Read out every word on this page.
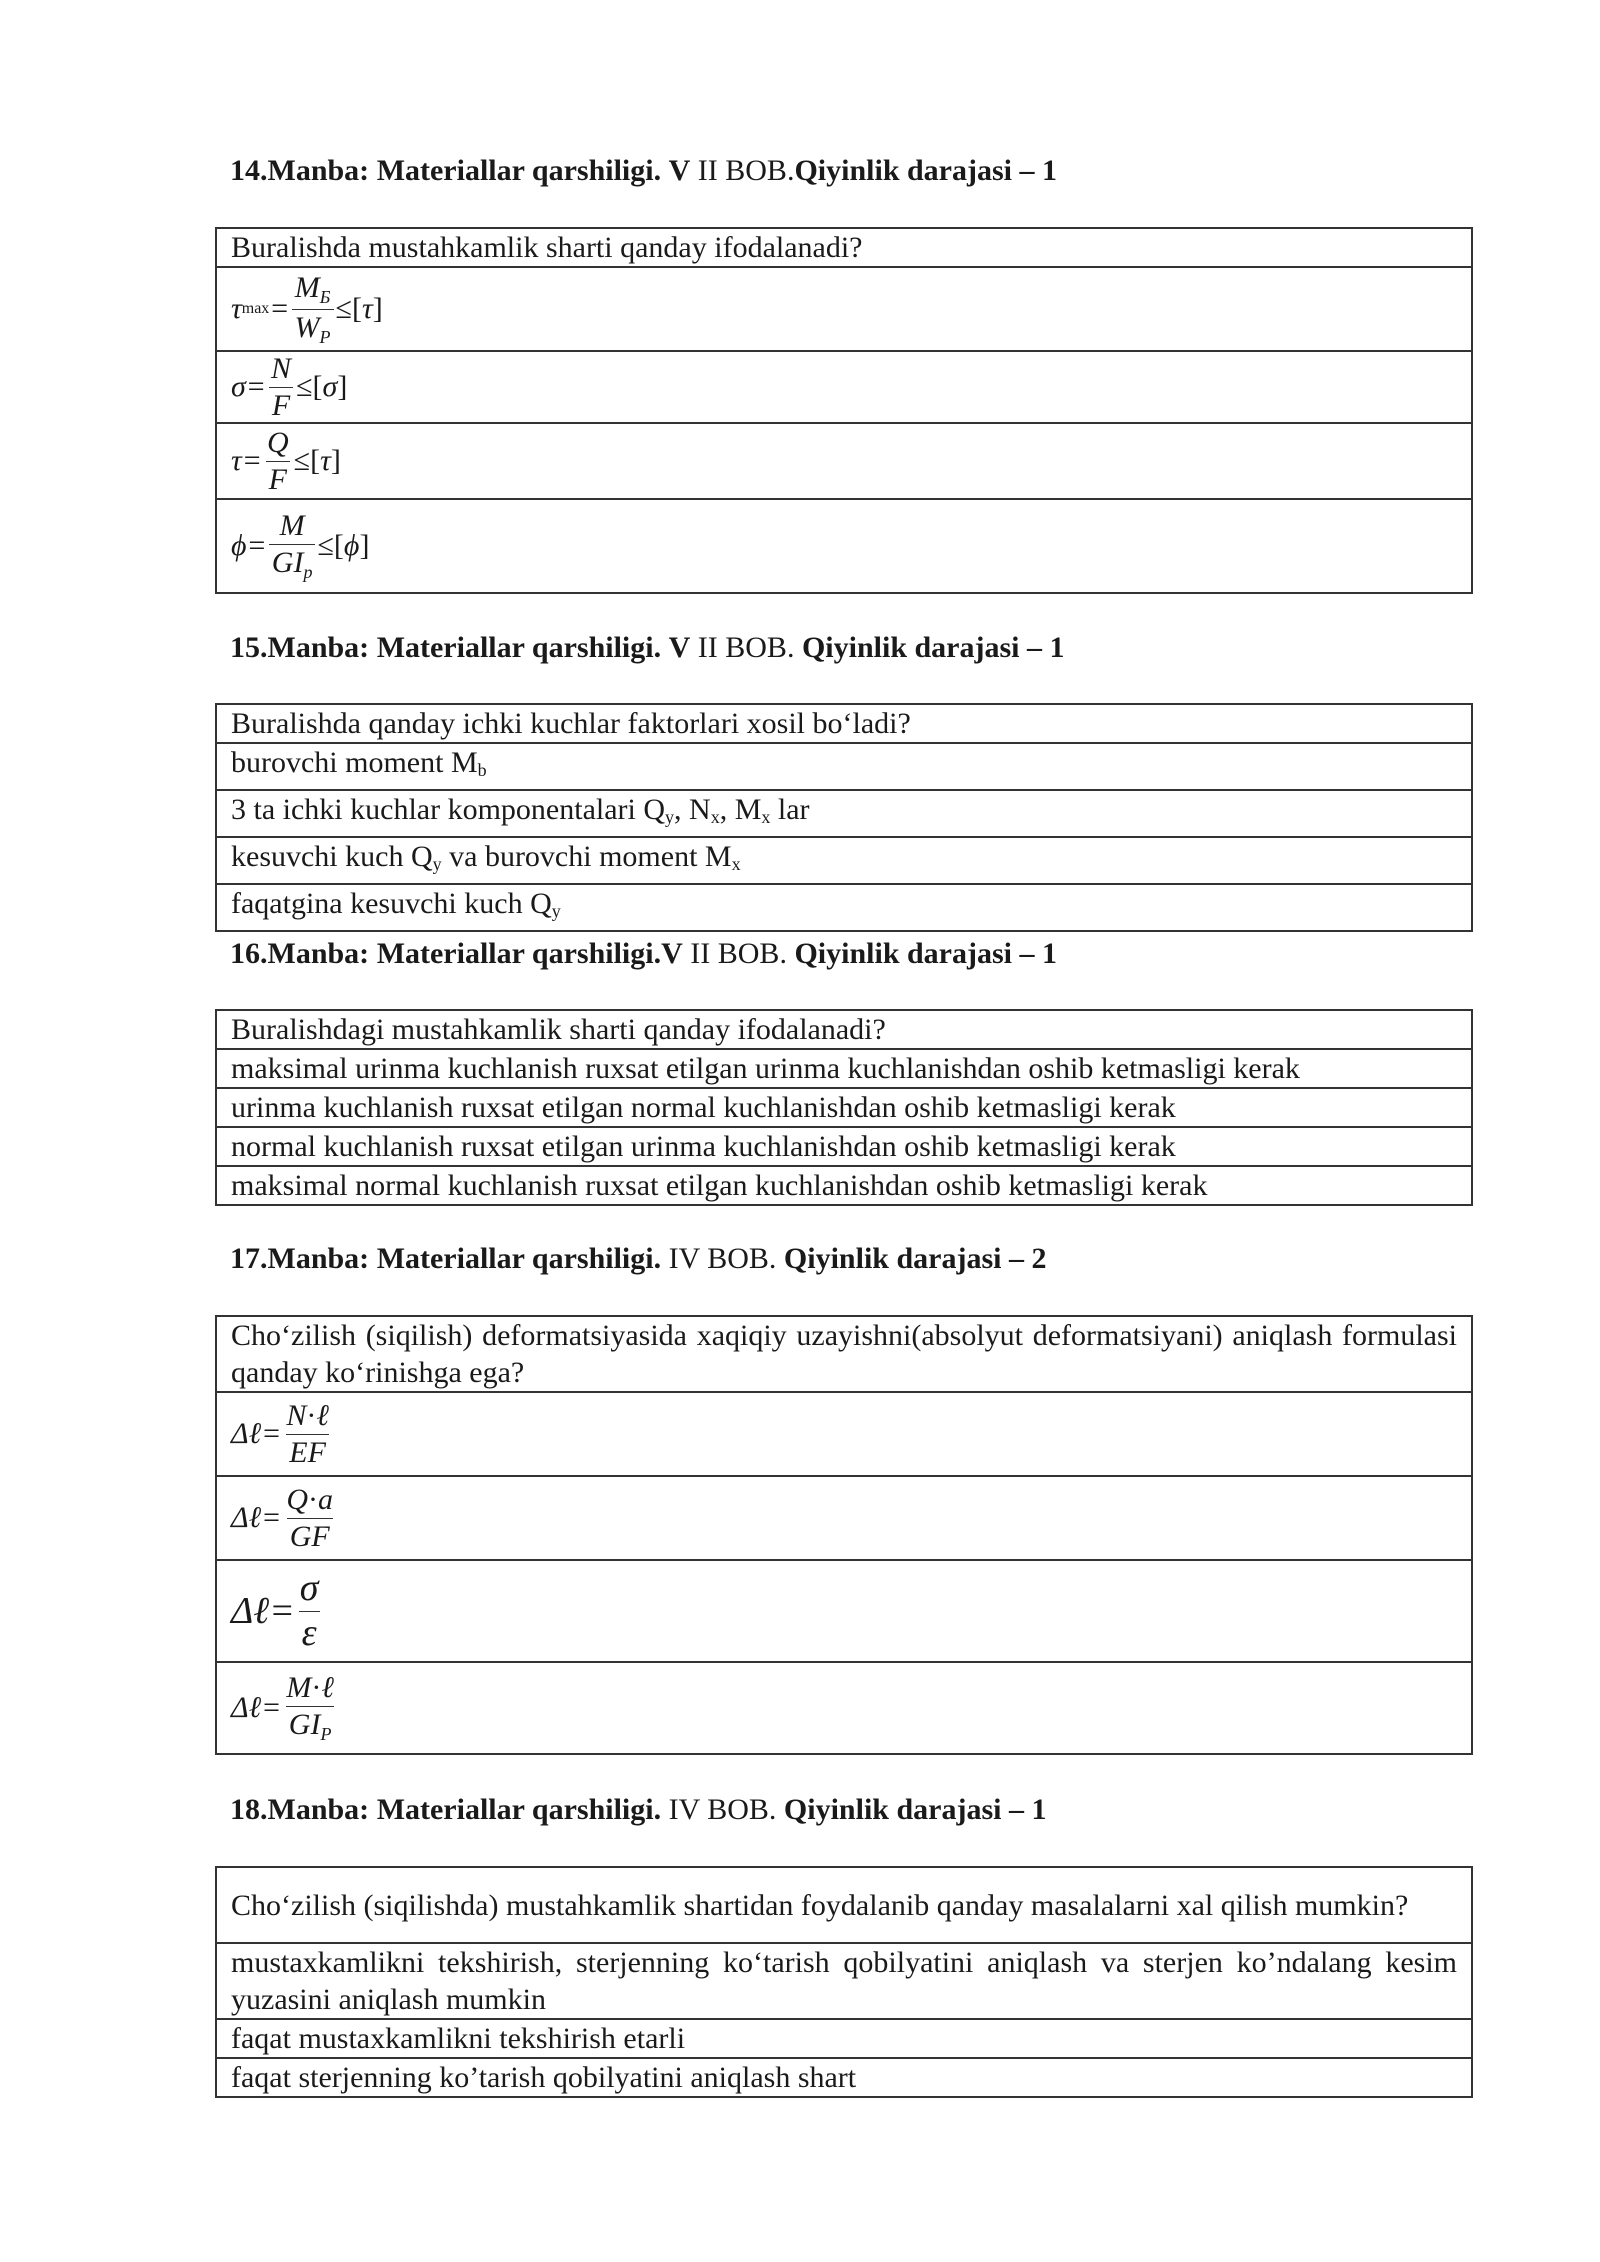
14.Manba: Materiallar qarshiligi. V II BOB.Qiyinlik darajasi – 1
Buralishda mustahkamlik sharti qanday ifodalanadi?
τ $\max = \frac{M_Б}{W_P}$ ≤[ τ ]

$\sigma= \frac{N}{F}$ ≤[ σ ]

$\tau= \frac{Q}{F}$ ≤[ τ ]

$\phi= \frac{M}{GI_p}$ ≤[ ϕ ]
15.Manba: Materiallar qarshiligi. V II BOB. Qiyinlik darajasi – 1
Buralishda qanday ichki kuchlar faktorlari xosil bo‘ladi?
burovchi moment $M_b$
3 ta ichki kuchlar komponentalari $Q_y$, $N_x$, $M_x$ lar
kesuvchi kuch $Q_y$ va burovchi moment $M_x$
faqatgina kesuvchi kuch $Q_y$
16.Manba: Materiallar qarshiligi.V II BOB. Qiyinlik darajasi – 1
Buralishdagi mustahkamlik sharti qanday ifodalanadi?
maksimal urinma kuchlanish ruxsat etilgan urinma kuchlanishdan oshib ketmasligi kerak
urinma kuchlanish ruxsat etilgan normal kuchlanishdan oshib ketmasligi kerak
normal kuchlanish ruxsat etilgan urinma kuchlanishdan oshib ketmasligi kerak
maksimal normal kuchlanish ruxsat etilgan kuchlanishdan oshib ketmasligi kerak
17.Manba: Materiallar qarshiligi. IV BOB. Qiyinlik darajasi – 2
Cho‘zilish (siqilish) deformatsiyasida xaqiqiy uzayishni(absolyut deformatsiyani) aniqlash formulasi qanday ko‘rinishga ega?
Δℓ= $\frac{\text{N·ℓ}}{EF}$

Δℓ= $\frac{Q\cdot a}{GF}$

Δℓ= $\frac{\sigma}{\varepsilon}$

Δℓ= $\frac{\text{M·ℓ}}{GI_P}$
18.Manba: Materiallar qarshiligi. IV BOB. Qiyinlik darajasi – 1
Cho‘zilish (siqilishda) mustahkamlik shartidan foydalanib qanday masalalarni xal qilish mumkin?
mustaxkamlikni tekshirish, sterjenning ko‘tarish qobilyatini aniqlash va sterjen ko’ndalang kesim yuzasini aniqlash mumkin
faqat mustaxkamlikni tekshirish etarli
faqat sterjenning ko’tarish qobilyatini aniqlash shart
